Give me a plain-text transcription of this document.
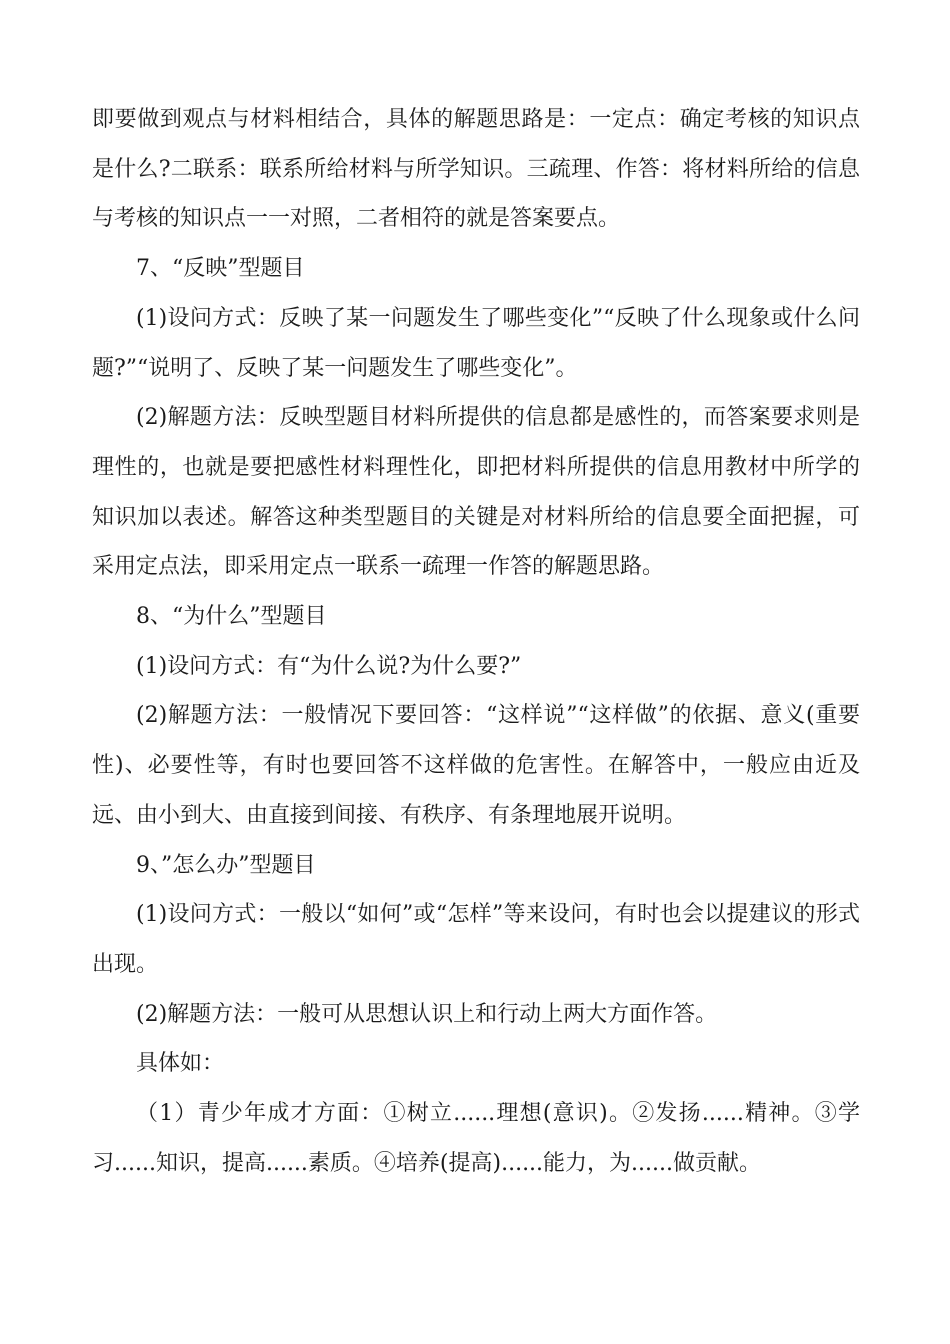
即要做到观点与材料相结合，具体的解题思路是：一定点：确定考核的知识点是什么?二联系：联系所给材料与所学知识。三疏理、作答：将材料所给的信息与考核的知识点一一对照，二者相符的就是答案要点。

7、“反映”型题目

(1)设问方式：反映了某一问题发生了哪些变化”“反映了什么现象或什么问题?”“说明了、反映了某一问题发生了哪些变化”。

(2)解题方法：反映型题目材料所提供的信息都是感性的，而答案要求则是理性的，也就是要把感性材料理性化，即把材料所提供的信息用教材中所学的知识加以表述。解答这种类型题目的关键是对材料所给的信息要全面把握，可采用定点法，即采用定点一联系一疏理一作答的解题思路。

8、“为什么”型题目

(1)设问方式：有“为什么说?为什么要?”

(2)解题方法：一般情况下要回答：“这样说”“这样做”的依据、意义(重要性)、必要性等，有时也要回答不这样做的危害性。在解答中，一般应由近及远、由小到大、由直接到间接、有秩序、有条理地展开说明。

9、”怎么办”型题目

(1)设问方式：一般以“如何”或“怎样”等来设问，有时也会以提建议的形式出现。

(2)解题方法：一般可从思想认识上和行动上两大方面作答。

具体如：

（1）青少年成才方面：①树立......理想(意识)。②发扬......精神。③学习......知识，提高......素质。④培养(提高)......能力，为......做贡献。
